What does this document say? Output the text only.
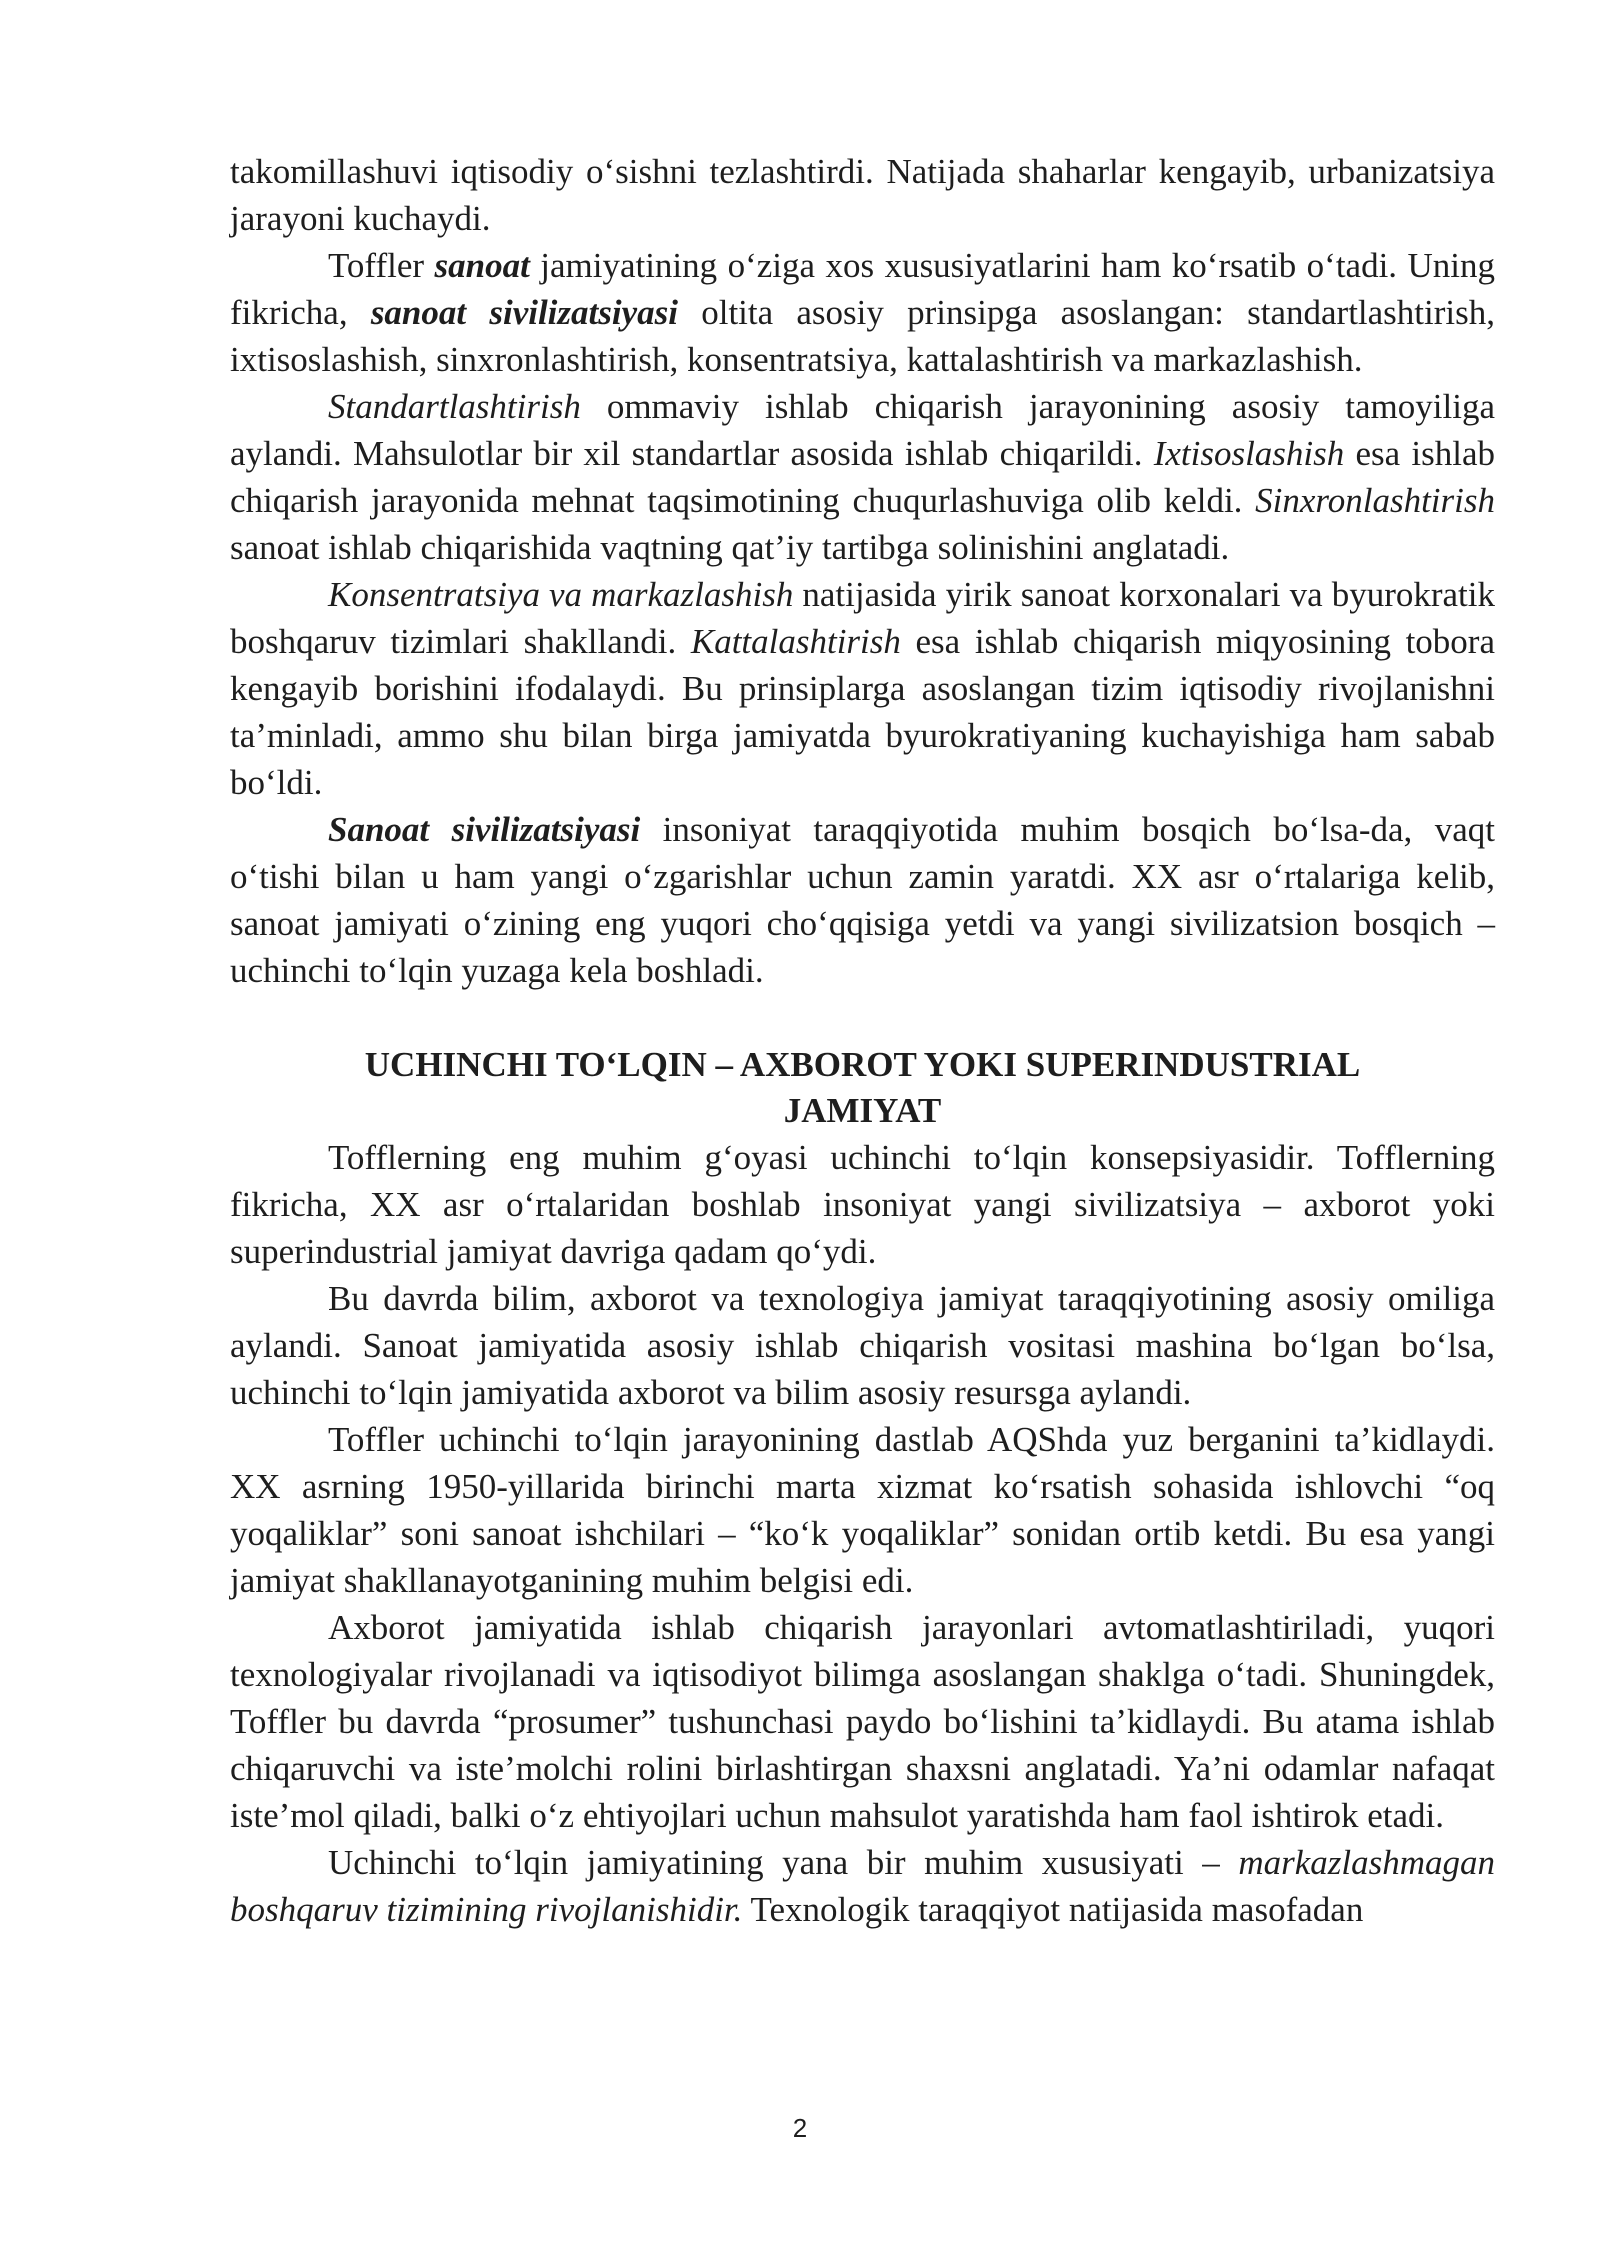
takomillashuvi iqtisodiy o‘sishni tezlashtirdi. Natijada shaharlar kengayib, urbanizatsiya jarayoni kuchaydi.

Toffler sanoat jamiyatining o‘ziga xos xususiyatlarini ham ko‘rsatib o‘tadi. Uning fikricha, sanoat sivilizatsiyasi oltita asosiy prinsipga asoslangan: standartlashtirish, ixtisoslashish, sinxronlashtirish, konsentratsiya, kattalashtirish va markazlashish.

Standartlashtirish ommaviy ishlab chiqarish jarayonining asosiy tamoyiliga aylandi. Mahsulotlar bir xil standartlar asosida ishlab chiqarildi. Ixtisoslashish esa ishlab chiqarish jarayonida mehnat taqsimotining chuqurlashuviga olib keldi. Sinxronlashtirish sanoat ishlab chiqarishida vaqtning qat’iy tartibga solinishini anglatadi.

Konsentratsiya va markazlashish natijasida yirik sanoat korxonalari va byurokratik boshqaruv tizimlari shakllandi. Kattalashtirish esa ishlab chiqarish miqyosining tobora kengayib borishini ifodalaydi. Bu prinsiplarga asoslangan tizim iqtisodiy rivojlanishni ta’minladi, ammo shu bilan birga jamiyatda byurokratiyaning kuchayishiga ham sabab bo‘ldi.

Sanoat sivilizatsiyasi insoniyat taraqqiyotida muhim bosqich bo‘lsa-da, vaqt o‘tishi bilan u ham yangi o‘zgarishlar uchun zamin yaratdi. XX asr o‘rtalariga kelib, sanoat jamiyati o‘zining eng yuqori cho‘qqisiga yetdi va yangi sivilizatsion bosqich – uchinchi to‘lqin yuzaga kela boshladi.

UCHINCHI TO‘LQIN – AXBOROT YOKI SUPERINDUSTRIAL
JAMIYAT

Tofflerning eng muhim g‘oyasi uchinchi to‘lqin konsepsiyasidir. Tofflerning fikricha, XX asr o‘rtalaridan boshlab insoniyat yangi sivilizatsiya – axborot yoki superindustrial jamiyat davriga qadam qo‘ydi.

Bu davrda bilim, axborot va texnologiya jamiyat taraqqiyotining asosiy omiliga aylandi. Sanoat jamiyatida asosiy ishlab chiqarish vositasi mashina bo‘lgan bo‘lsa, uchinchi to‘lqin jamiyatida axborot va bilim asosiy resursga aylandi.

Toffler uchinchi to‘lqin jarayonining dastlab AQShda yuz berganini ta’kidlaydi. XX asrning 1950-yillarida birinchi marta xizmat ko‘rsatish sohasida ishlovchi “oq yoqaliklar” soni sanoat ishchilari – “ko‘k yoqaliklar” sonidan ortib ketdi. Bu esa yangi jamiyat shakllanayotganining muhim belgisi edi.

Axborot jamiyatida ishlab chiqarish jarayonlari avtomatlashtiriladi, yuqori texnologiyalar rivojlanadi va iqtisodiyot bilimga asoslangan shaklga o‘tadi. Shuningdek, Toffler bu davrda “prosumer” tushunchasi paydo bo‘lishini ta’kidlaydi. Bu atama ishlab chiqaruvchi va iste’molchi rolini birlashtirgan shaxsni anglatadi. Ya’ni odamlar nafaqat iste’mol qiladi, balki o‘z ehtiyojlari uchun mahsulot yaratishda ham faol ishtirok etadi.

Uchinchi to‘lqin jamiyatining yana bir muhim xususiyati – markazlashmagan boshqaruv tizimining rivojlanishidir. Texnologik taraqqiyot natijasida masofadan

2
